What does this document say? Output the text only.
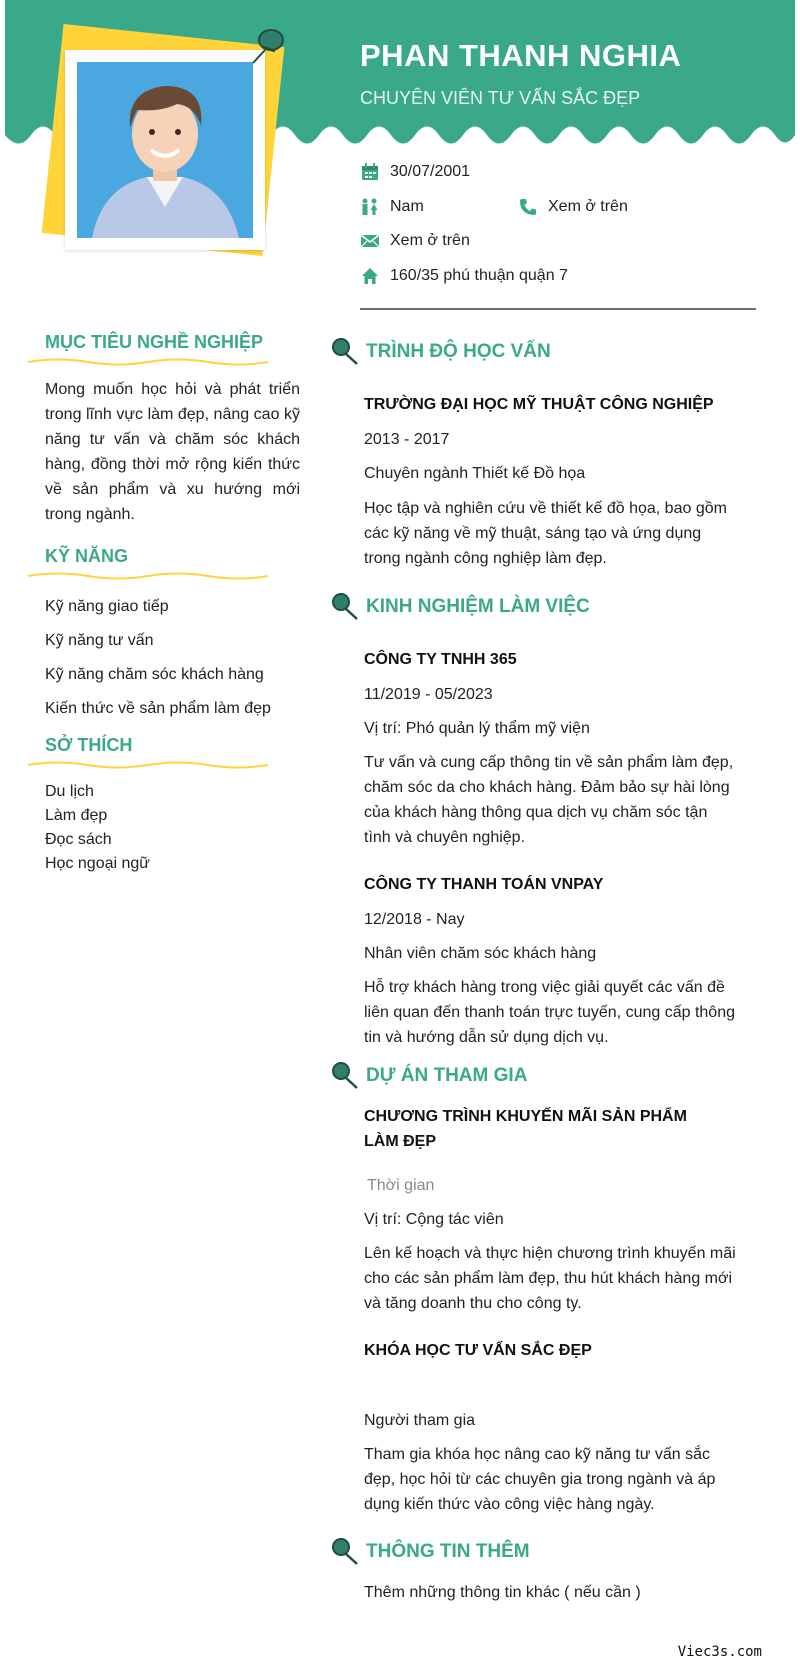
PHAN THANH NGHIA
CHUYÊN VIÊN TƯ VẤN SẮC ĐẸP
30/07/2001
Nam	Xem ở trên
Xem ở trên
160/35 phú thuận quận 7
MỤC TIÊU NGHỀ NGHIỆP
Mong muốn học hỏi và phát triển trong lĩnh vực làm đẹp, nâng cao kỹ năng tư vấn và chăm sóc khách hàng, đồng thời mở rộng kiến thức về sản phẩm và xu hướng mới trong ngành.
KỸ NĂNG
Kỹ năng giao tiếp
Kỹ năng tư vấn
Kỹ năng chăm sóc khách hàng
Kiến thức về sản phẩm làm đẹp
SỞ THÍCH
Du lịch
Làm đẹp
Đọc sách
Học ngoại ngữ
TRÌNH ĐỘ HỌC VẤN
TRƯỜNG ĐẠI HỌC MỸ THUẬT CÔNG NGHIỆP
2013 - 2017
Chuyên ngành Thiết kế Đồ họa
Học tập và nghiên cứu về thiết kế đồ họa, bao gồm các kỹ năng về mỹ thuật, sáng tạo và ứng dụng trong ngành công nghiệp làm đẹp.
KINH NGHIỆM LÀM VIỆC
CÔNG TY TNHH 365
11/2019 - 05/2023
Vị trí: Phó quản lý thẩm mỹ viện
Tư vấn và cung cấp thông tin về sản phẩm làm đẹp, chăm sóc da cho khách hàng. Đảm bảo sự hài lòng của khách hàng thông qua dịch vụ chăm sóc tận tình và chuyên nghiệp.
CÔNG TY THANH TOÁN VNPAY
12/2018 - Nay
Nhân viên chăm sóc khách hàng
Hỗ trợ khách hàng trong việc giải quyết các vấn đề liên quan đến thanh toán trực tuyến, cung cấp thông tin và hướng dẫn sử dụng dịch vụ.
DỰ ÁN THAM GIA
CHƯƠNG TRÌNH KHUYẾN MÃI SẢN PHẨM LÀM ĐẸP
Thời gian
Vị trí: Cộng tác viên
Lên kế hoạch và thực hiện chương trình khuyến mãi cho các sản phẩm làm đẹp, thu hút khách hàng mới và tăng doanh thu cho công ty.
KHÓA HỌC TƯ VẤN SẮC ĐẸP
Người tham gia
Tham gia khóa học nâng cao kỹ năng tư vấn sắc đẹp, học hỏi từ các chuyên gia trong ngành và áp dụng kiến thức vào công việc hàng ngày.
THÔNG TIN THÊM
Thêm những thông tin khác ( nếu cần )
Viec3s.com
